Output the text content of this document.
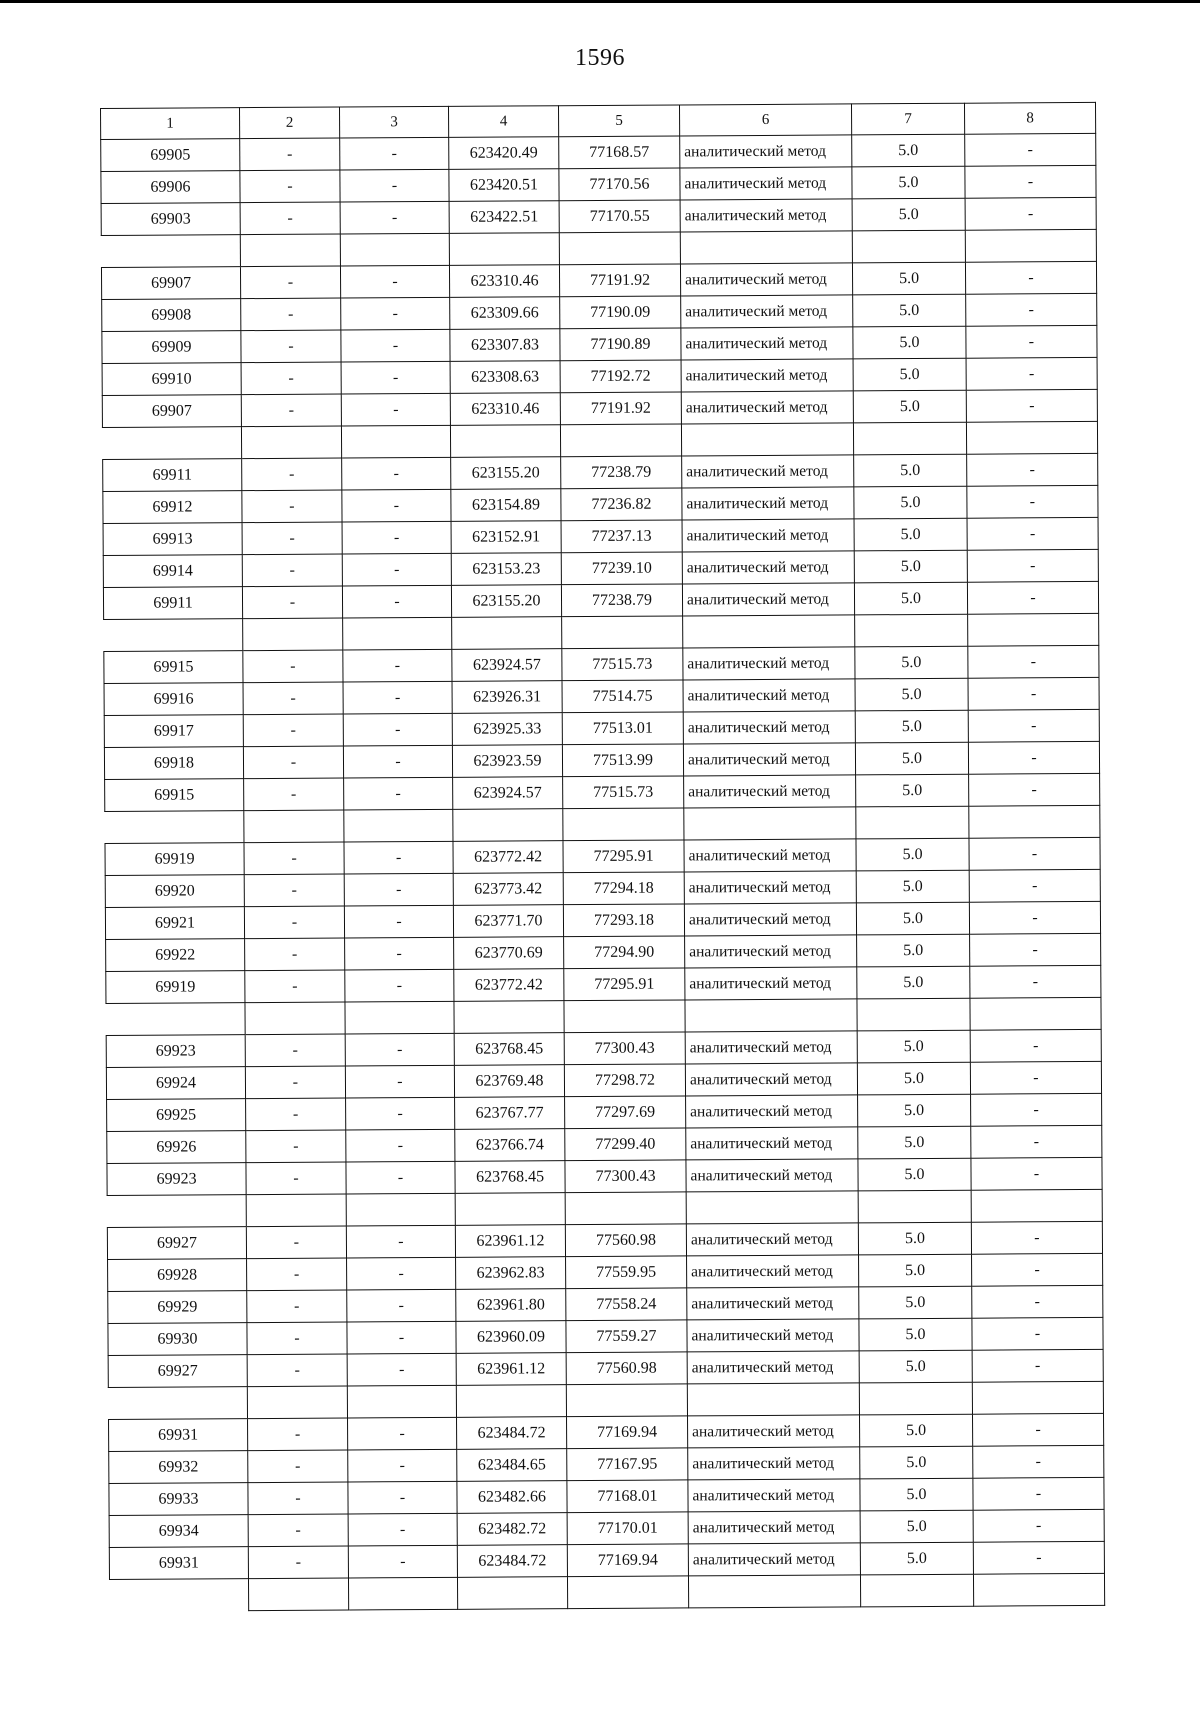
1596
1	2	3	4	5	6	7	8
69905	-	-	623420.49	77168.57	аналитический метод	5.0	-
69906	-	-	623420.51	77170.56	аналитический метод	5.0	-
69903	-	-	623422.51	77170.55	аналитический метод	5.0	-

69907	-	-	623310.46	77191.92	аналитический метод	5.0	-
69908	-	-	623309.66	77190.09	аналитический метод	5.0	-
69909	-	-	623307.83	77190.89	аналитический метод	5.0	-
69910	-	-	623308.63	77192.72	аналитический метод	5.0	-
69907	-	-	623310.46	77191.92	аналитический метод	5.0	-

69911	-	-	623155.20	77238.79	аналитический метод	5.0	-
69912	-	-	623154.89	77236.82	аналитический метод	5.0	-
69913	-	-	623152.91	77237.13	аналитический метод	5.0	-
69914	-	-	623153.23	77239.10	аналитический метод	5.0	-
69911	-	-	623155.20	77238.79	аналитический метод	5.0	-

69915	-	-	623924.57	77515.73	аналитический метод	5.0	-
69916	-	-	623926.31	77514.75	аналитический метод	5.0	-
69917	-	-	623925.33	77513.01	аналитический метод	5.0	-
69918	-	-	623923.59	77513.99	аналитический метод	5.0	-
69915	-	-	623924.57	77515.73	аналитический метод	5.0	-

69919	-	-	623772.42	77295.91	аналитический метод	5.0	-
69920	-	-	623773.42	77294.18	аналитический метод	5.0	-
69921	-	-	623771.70	77293.18	аналитический метод	5.0	-
69922	-	-	623770.69	77294.90	аналитический метод	5.0	-
69919	-	-	623772.42	77295.91	аналитический метод	5.0	-

69923	-	-	623768.45	77300.43	аналитический метод	5.0	-
69924	-	-	623769.48	77298.72	аналитический метод	5.0	-
69925	-	-	623767.77	77297.69	аналитический метод	5.0	-
69926	-	-	623766.74	77299.40	аналитический метод	5.0	-
69923	-	-	623768.45	77300.43	аналитический метод	5.0	-

69927	-	-	623961.12	77560.98	аналитический метод	5.0	-
69928	-	-	623962.83	77559.95	аналитический метод	5.0	-
69929	-	-	623961.80	77558.24	аналитический метод	5.0	-
69930	-	-	623960.09	77559.27	аналитический метод	5.0	-
69927	-	-	623961.12	77560.98	аналитический метод	5.0	-

69931	-	-	623484.72	77169.94	аналитический метод	5.0	-
69932	-	-	623484.65	77167.95	аналитический метод	5.0	-
69933	-	-	623482.66	77168.01	аналитический метод	5.0	-
69934	-	-	623482.72	77170.01	аналитический метод	5.0	-
69931	-	-	623484.72	77169.94	аналитический метод	5.0	-
